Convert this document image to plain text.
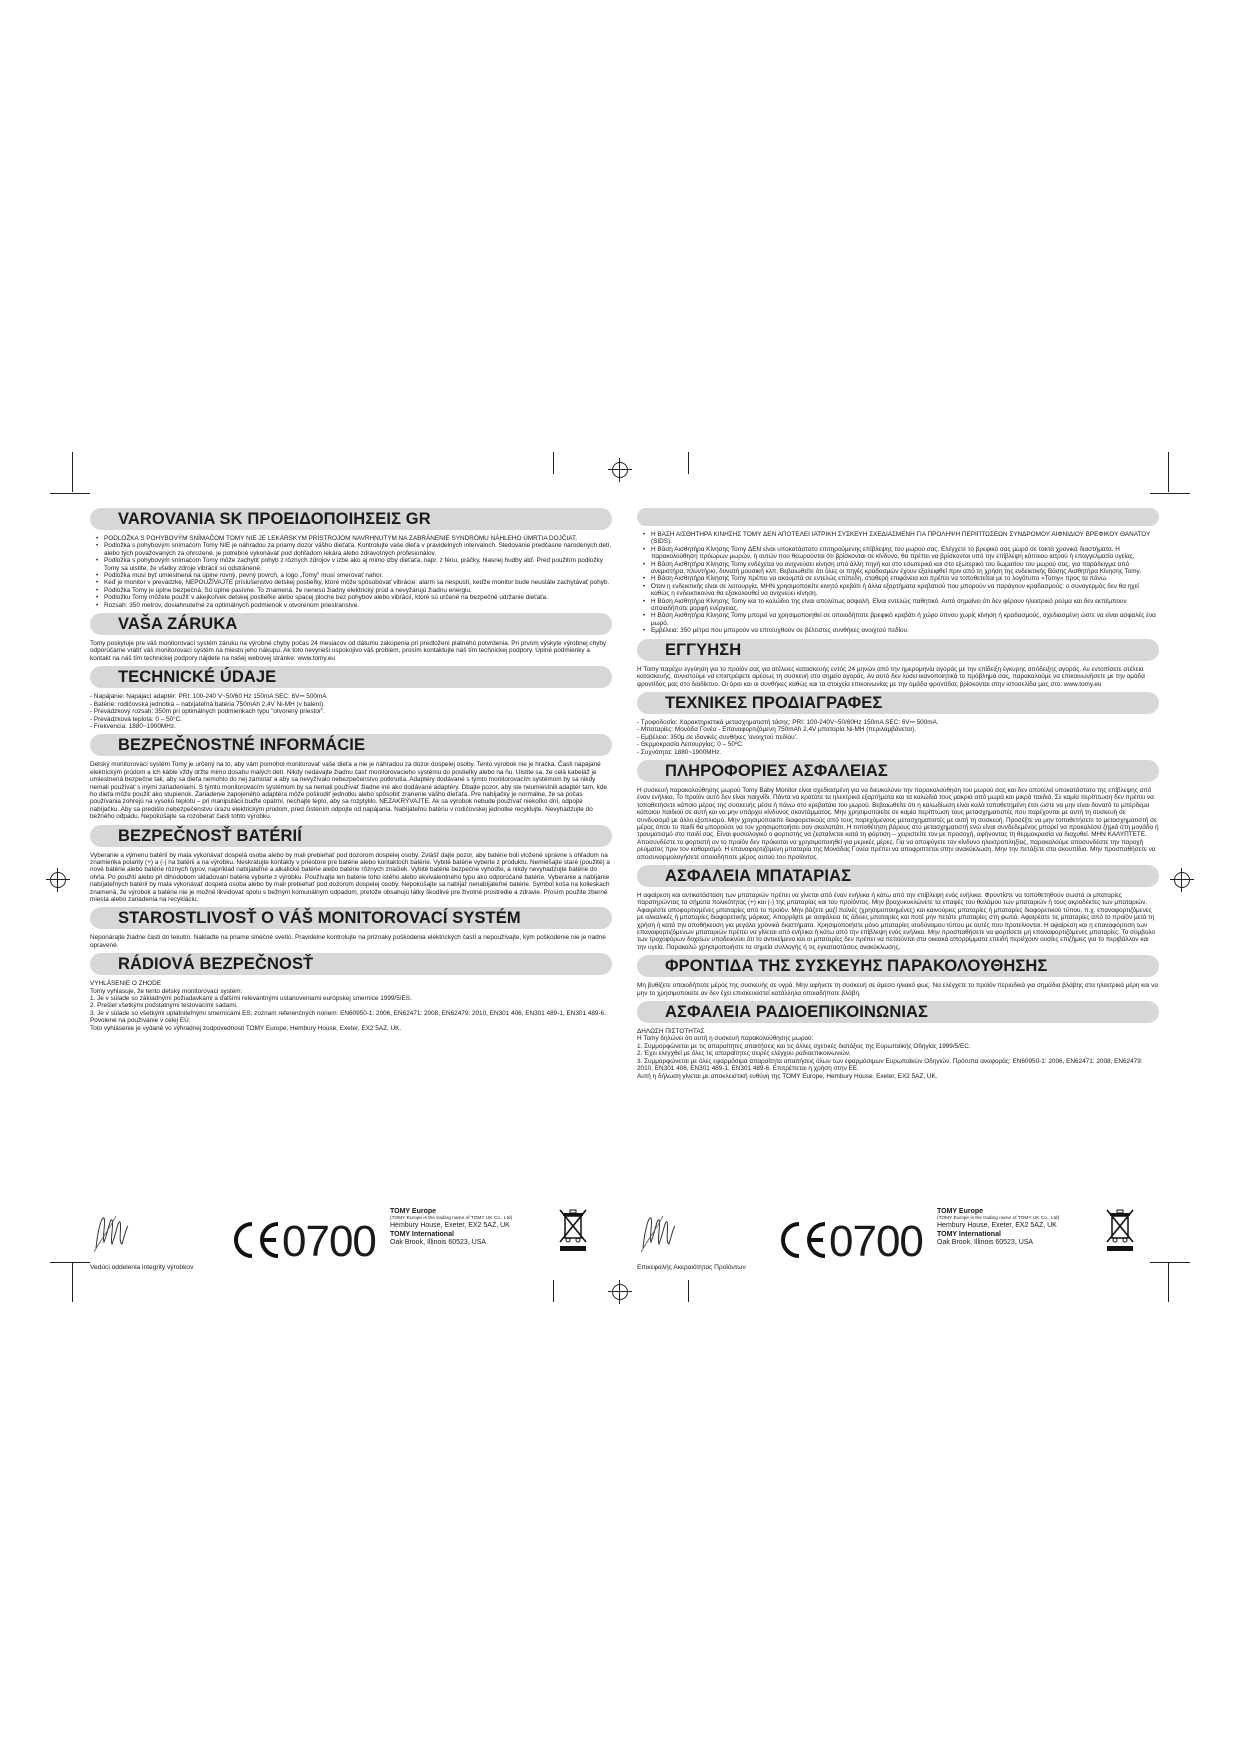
VAROVANIA SK ΠΡΟΕΙΔΟΠΟΙΗΣΕΙΣ GR
• PODLOŽKA S POHYBOVÝM SNÍMAČOM TOMY NIE JE LEKÁRSKYM PRÍSTROJOM NAVRHNUTÝM NA ZABRÁNENIE SYNDRÓMU NÁHLEHO ÚMRTIA DOJČIAT.
• Podložka s pohybovým snímačom Tomy NIE je náhradou za priamy dozor vášho dieťaťa. Kontrolujte vaše dieťa v pravidelných intervaloch. Sledovanie predčasne narodených detí, alebo tých považovaných za ohrozené, je potrebné vykonávať pod dohľadom lekára alebo zdravotných profesionálov.
• Podložka s pohybovým snímačom Tomy môže zachytiť pohyb z rôznych zdrojov v izbe ako aj mimo izby dieťaťa, napr. z fénu, práčky, hlasnej hudby atď. Pred použitím podložky Tomy sa uistite, že všetky zdroje vibrácií sú odstránené.
• Podložka musí byť umiestnená na úplne rovný, pevný povrch, a logo „Tomy" musí smerovať nahor.
• Keď je monitor v prevádzke, NEPOUŽÍVAJTE príslušenstvo detskej postieľky, ktoré môže spôsobovať vibrácie: alarm sa nespustí, keďže monitor bude neustále zachytávať pohyb.
• Podložka Tomy je úplne bezpečná. Sú úplne pasívne. To znamená, že nenesú žiadny elektrický prúd a nevyžarujú žiadnu energiu.
• Podložku Tomy môžete použiť v akejkoľvek detskej postieľke alebo spacej ploche bez pohybov alebo vibrácií, ktoré sú určené na bezpečné udržanie dieťaťa.
• Rozsah: 350 metrov, dosiahnuteľné za optimálnych podmienok v otvorenom priestranstve.
VAŠA ZÁRUKA

Tomy poskytuje pre váš monitorovací systém záruku na výrobné chyby počas 24 mesiacov od dátumu zakúpenia pri predložení platného potvrdenia. Pri prvom výskyte výrobnej chyby odporúčame vrátiť váš monitorovací systém na miesto jeho nákupu. Ak toto nevyrieši uspokojivo váš problém, prosím kontaktujte náš tím technickej podpory. Úplné podmienky a kontakt na náš tím technickej podpory nájdete na našej webovej stránke: www.tomy.eu

TECHNICKÉ ÚDAJE
- Napájanie: Napájací adaptér: PRI: 100-240 V~50/60 Hz 150mA SEC: 6V⎓ 500mA
- Batérie: rodičovská jednotka – nabíjateľná batéria 750mAh 2,4V Ni-MH (v balení).
- Prevádzkový rozsah: 350m pri optimálnych podmienkach typu "otvorený priestor".
- Prevádzková teplota: 0 – 50°C.
- Frekvencia: 1880~1900MHz.
BEZPEČNOSTNÉ INFORMÁCIE

Detský monitorovací systém Tomy je určený na to, aby vám pomohol monitorovať vaše dieťa a nie je náhradou za dozor dospelej osoby. Tento výrobok nie je hračka. Časti napájané elektrickým prúdom a ich káble vždy držte mimo dosahu malých detí. Nikdy nedávajte žiadnu časť monitorovacieho systému do postieľky alebo na ňu. Uistite sa, že celá kabeláž je umiestnená bezpečne tak, aby sa dieťa nemohlo do nej zamotať a aby sa nevyžívalo nebezpečenstvo potknutia. Adaptéry dodávané s týmto monitorovacím systémom by sa nikdy nemali používať s inými zariadeniami. S týmto monitorovacím systémom by sa nemali používať žiadne iné ako dodávané adaptéry. Dbajte pozor, aby ste neumiestnili adaptér tam, kde ho dieťa môže použiť ako stupienok. Zariadenie zapojeného adaptéra môže poškodiť jednotku alebo spôsobiť zranenie vášho dieťaťa. Pre nabíjačky je normálne, že sa počas používania zohrejú na vysokú teplotu – pri manipulácii buďte opatrní, nechajte teplo, aby sa rozptýlilo. NEZAKRÝVAJTE. Ak sa výrobok nebude používať niekoľko dní, odpojte nabíjačku. Aby sa predišlo nebezpečenstvu úrazu elektrickým prúdom, pred čistením odpojte od napájania. Nabíjateľnú batériu v rodičovskej jednotke recyklujte. Nevyhadzujte do bežného odpadu. Nepokúšajte sa rozoberať časti tohto výrobku.

BEZPEČNOSŤ BATÉRIÍ

Vyberanie a výmenu batérií by mala vykonávať dospelá osoba alebo by mali prebiehať pod dozorom dospelej osoby. Zvlášť dajte pozor, aby batérie boli vložené správne s ohľadom na znamienka polarity (+) a (-) na batérii a na výrobku. Neskratujte kontakty v priestore pre batérie alebo kontaktoch batérie. Vybité batérie vyberte z produktu. Nemiešajte staré (použité) a nové batérie alebo batérie rôznych typov, napríklad nabíjateľné a alkalické batérie alebo batérie rôznych značiek. Vybité batérie bezpečne vyhoďte, a nikdy nevyhadzujte batérie do ohňa. Po použití alebo pri dlhodobom skladovaní batérie vyberte z výrobku. Používajte len batérie toho istého alebo ekvivalentného typu ako odporúčané batérie. Vyberanie a nabíjanie nabíjateľných batérií by mala vykonávať dospelá osoba alebo by mali prebiehať pod dozorom dospelej osoby. Nepokúšajte sa nabíjať nenabíjateľné batérie. Symbol koša na kolieskach znamená, že výrobok a batérie nie je možné likvidovať spolu s bežným komunálnym odpadom, pretože obsahujú látky škodlivé pre životné prostredie a zdravie. Prosím použite zberné miesta alebo zariadenia na recykláciu.

STAROSTLIVOSŤ O VÁŠ MONITOROVACÍ SYSTÉM

Neponárajte žiadne časti do tekutín. Nakladte na priame slnečné svetlo. Pravidelne kontrolujte na príznaky poškodenia elektrických častí a nepoužívajte, kým poškodenie nie je riadne opravené.

RÁDIOVÁ BEZPEČNOSŤ
VYHLÁSENIE O ZHODE
Tomy vyhlasuje, že tento detský monitorovací systém:
1. Je v súlade so základnými požiadavkami a ďalšími relevantnými ustanoveniami európskej smernice 1999/5/ES.
2. Prešiel všetkými podstatnými testovacími sadami.
3. Je v súlade so všetkými uplatniteľnými smernicami ES; zoznam referenčných noriem: EN60950-1: 2006, EN62471: 2008, EN62479: 2010, EN301 406, EN301 489-1, EN301 489-6. Povolené na používanie v celej EÚ.
Toto vyhlásenie je vydané vo výhradnej zodpovednosti TOMY Europe, Hembury House, Exeter, EX2 5AZ, UK.
Vedúci oddelenia integrity výrobkov
0700
TOMY Europe
(TOMY Europe is the trading name of TOMY UK Co., Ltd)
Hembury House, Exeter, EX2 5AZ, UK
TOMY International
Oak Brook, Illinois 60523, USA
• Η ΒΑΣΗ ΑΙΣΘΗΤΗΡΑ ΚΙΝΗΣΗΣ TOMY ΔΕΝ ΑΠΟΤΕΛΕΙ ΙΑΤΡΙΚΗ ΣΥΣΚΕΥΗ ΣΧΕΔΙΑΣΜΕΝΗ ΓΙΑ ΠΡΟΛΗΨΗ ΠΕΡΙΠΤΩΣΕΩΝ ΣΥΝΔΡΟΜΟΥ ΑΙΦΝΙΔΙΟΥ ΒΡΕΦΙΚΟΥ ΘΑΝΑΤΟΥ (SIDS).
• Η Βάση Αισθητήρα Κίνησης Tomy ΔΕΝ είναι υποκατάστατο επιτηρούμενης επίβλεψης του μωρού σας. Ελέγχετε το βρεφικό σας μωρό σε τακτά χρονικά διαστήματα. Η παρακολούθηση πρόωρων μωρών, ή αυτών που θεωρούνται ότι βρίσκονται σε κίνδυνο, θα πρέπει να βρίσκονται υπό την επίβλεψη κάποιου ιατρού ή επαγγελματία υγείας.
• Η Βάση Αισθητήρα Κίνησης Tomy ενδέχεται να ανιχνεύσει κίνηση από άλλη πηγή και στο εσωτερικό και στο εξωτερικό του δωματίου του μωρού σας, για παράδειγμα από ανεμιστήρα, πλυντήριο, δυνατή μουσική κλπ. Βεβαιωθείτε ότι όλες οι πηγές κραδασμών έχουν εξαλειφθεί πριν από τη χρήση της ενδεικτικής Βάσης Αισθητήρα Κίνησης Tomy.
• Η Βάση Αισθητήρα Κίνησης Tomy πρέπει να ακουμπά σε εντελώς επίπεδη, σταθερή επιφάνεια και πρέπει να τοποθετείται με το λογότυπο «Tomy» προς τα πάνω.
• Όταν η ενδεικτικής είναι σε λειτουργία, ΜΗΝ χρησιμοποιείτε κινητό κρεβάτι ή άλλα εξαρτήματα κρεβατιού που μπορούν να παράγουν κραδασμούς: ο συναγερμός δεν θα ηχεί καθώς η ενδεικτικούνα θα εξακολουθεί να ανιχνεύει κίνηση.
• Η Βάση Αισθητήρα Κίνησης Tomy και το καλώδιο της είναι απολύτως ασφαλή. Είναι εντελώς παθητικό. Αυτό σημαίνει ότι δεν φέρουν ηλεκτρικό ρεύμα και δεν εκπέμπουν οποιαδήποτε μορφή ενέργειας.
• Η Βάση Αισθητήρα Κίνησης Tomy μπορεί να χρησιμοποιηθεί σε οποιοδήποτε βρεφικό κρεβάτι ή χώρο ύπνου χωρίς κίνηση ή κραδασμούς, σχεδιασμένη ώστε να είναι ασφαλές ένα μωρό.
• Εμβέλεια: 350 μέτρα που μπορούν να επιτευχθούν σε βέλτιστες συνθήκες ανοιχτού πεδίου.
ΕΓΓΥΗΣΗ

Η Tomy παρέχει εγγύηση για το προϊόν σας για ατέλειες κατασκευής εντός 24 μηνών από την ημερομηνία αγοράς με την επίδειξη έγκυρης απόδειξης αγοράς. Αν εντοπίσετε ατέλεια κατασκευής, συνιστούμε να επιστρέψετε αμέσως τη συσκευή στο σημείο αγοράς. Αν αυτό δεν λύσει ικανοποιητικά το πρόβλημά σας, παρακαλούμε να επικοινωνήσετε με την ομάδα φροντίδας μας στο διαδίκτυο. Οι όροι και οι συνθήκες καθώς και τα στοιχεία επικοινωνίας με την ομάδα φροντίδας βρίσκονται στην ιστοσελίδα μας στο: www.tomy.eu

ΤΕΧΝΙΚΕΣ ΠΡΟΔΙΑΓΡΑΦΕΣ
- Τροφοδοσία: Χαρακτηριστικά μετασχηματιστή τάσης: PRI: 100-240V~50/60Hz 150mA SEC: 6V⎓ 500mA.
- Μπαταρίες: Μονάδα Γονέα - Επαναφορτιζόμενη 750mAh 2,4V μπαταρία Ni-MH (περιλαμβάνεται).
- Εμβέλεια: 350μ σε ιδανικές συνθήκες 'ανοιχτού πεδίου'.
- Θερμοκρασία Λειτουργίας: 0 – 50ºC.
- Συχνότητα: 1880~1900MHz.
ΠΛΗΡΟΦΟΡΙΕΣ ΑΣΦΑΛΕΙΑΣ

Η συσκευή παρακολούθησης μωρού Tomy Baby Monitor είναι σχεδιασμένη για να διευκολύνει την παρακολούθηση του μωρού σας και δεν αποτελεί υποκατάστατο της επίβλεψης από έναν ενήλικα. Το προϊόν αυτό δεν είναι παιχνίδι. Πάντα να κρατάτε τα ηλεκτρικά εξαρτήματα και τα καλώδιά τους μακριά από μωρά και μικρά παιδιά. Σε καμία περίπτωση δεν πρέπει να τοποθετήσετε κάποιο μέρος της συσκευής μέσα ή πάνω στο κρεβατάκι του μωρού. Βεβαιωθείτε ότι η καλωδίωση είναι καλά τοποθετημένη έτσι ώστε να μην είναι δυνατό το μπέρδεμα κάποιου παιδιού σε αυτή και να μην υπάρχει κίνδυνος σκοντάμματος. Μην χρησιμοποιείτε σε καμία περίπτωση τους μετασχηματιστές που παρέχονται με αυτή τη συσκευή σε συνδυασμό με άλλο εξοπλισμό. Μην χρησιμοποιείτε διαφορετικούς από τους παρεχόμενους μετασχηματιστές με αυτή τη συσκευή. Προσέξτε να μην τοποθετήσετε το μετασχηματιστή σε μέρος όπου το παιδί θα μπορούσε να τον χρησιμοποιήσει σαν σκαλοπάτι. Η τοποθέτηση βάρους στο μετασχηματιστή ενώ είναι συνδεδεμένος μπορεί να προκαλέσει ζημιά στη μονάδα ή τραυματισμό στο παιδί σας. Είναι φυσιολογικό ο φορτιστής να ζεσταίνεται κατά τη φόρτιση – χειριστείτε τον με προσοχή, αφήνοντας τη θερμοκρασία να διαχυθεί. ΜΗΝ ΚΑΛΥΠΤΕΤΕ. Αποσυνδέστε το φορτιστή αν το προϊόν δεν πρόκειται να χρησιμοποιηθεί για μερικές μέρες. Για να αποφύγετε τον κίνδυνο ηλεκτροπληξίας, παρακαλούμε αποσυνδέστε την παροχή ρεύματος πριν τον καθαρισμό. Η επαναφορτιζόμενη μπαταρία της Μονάδας Γονέα πρέπει να αποφριπτεται στην ανακύκλωση. Μην την πετάξετε στα σκουπίδια. Μην προσπαθήσετε να αποσυναρμολογήσετε οποιοδήποτε μέρος αυτού του προϊόντος.

ΑΣΦΑΛΕΙΑ ΜΠΑΤΑΡΙΑΣ

Η αφαίρεση και αντικατάσταση των μπαταριών πρέπει να γίνεται από έναν ενήλικα ή κάτω από την επίβλεψη ενός ενήλικα. Φροντίστε να τοποθετηθούν σωστά οι μπαταρίες παρατηρώντας τα σήματα πολικότητας (+) και (-) της μπαταρίας και του προϊόντος. Μην βραχυκυκλώνετε τα επαφές του θαλάμου των μπαταριών ή τους ακροδέκτες των μπαταριών. Αφαιρέστε αποφορτισμένες μπαταρίες από το προϊόν. Μην βάζετε μαζί παλιές (χρησιμοποιημένες) και καινούριες μπαταρίες ή μπαταρίες διαφορετικού τύπου, π.χ. επαναφορτιζόμενες με αλκαλικές ή μπαταρίες διαφορετικής μάρκας. Απορρίψτε με ασφάλεια τις άδειες μπαταρίες και ποτέ μην πετάτε μπαταρίες στη φωτιά. Αφαιρέστε τις μπαταρίες από το προϊόν μετά τη χρήση ή κατά την αποθήκευση για μεγάλα χρονικά διαστήματα. Χρησιμοποιήστε μόνο μπαταρίες ισοδύναμου τύπου με αυτές που προτείνονται. Η αφαίρεση και η επαναφόρτιση των επαναφορτιζόμενων μπαταριών πρέπει να γίνεται από ενήλικα ή κάτω από την επίβλεψη ενός ενήλικα. Μην προσπαθήσετε να φορτίσετε μη επαναφορτιζόμενες μπαταρίες. Το σύμβολο των τροχοφόρων δοχείων υποδεικνύει ότι το αντικείμενο και οι μπαταρίες δεν πρέπει να πετιούνται στα οικιακά απορρίμματα επειδή περιέχουν ουσίες επιζήμιες για το περιβάλλον και την υγεία. Παρακαλώ χρησιμοποιήστε τα σημεία συλλογής ή τις εγκαταστάσεις ανακύκλωσης.

ΦΡΟΝΤΙΔΑ ΤΗΣ ΣΥΣΚΕΥΗΣ ΠΑΡΑΚΟΛΟΥΘΗΣΗΣ

Μη βυθίζετε οποιοδήποτε μέρος της συσκευής σε υγρά. Μην αφήνετε τη συσκευή σε άμεσο ηλιακό φως. Να ελέγχετε το προϊόν περιοδικά για σημάδια βλάβης στα ηλεκτρικά μέρη και να μην το χρησιμοποιείτε αν δεν έχει επισκευαστεί κατάλληλα οποιαδήποτε βλάβη.

ΑΣΦΑΛΕΙΑ ΡΑΔΙΟΕΠΙΚΟΙΝΩΝΙΑΣ
ΔΗΛΩΣΗ ΠΙΣΤΟΤΗΤΑΣ
Η Tomy δηλώνει ότι αυτή η συσκευή παρακολούθησης μωρού:
1. Συμμορφώνεται με τις απαραίτητες απαιτήσεις και τις άλλες σχετικές διατάξεις της Ευρωπαϊκής Οδηγίας 1999/5/ΕC.
2. Έχει ελεγχθεί με όλες τις απαραίτητες σειρές ελέγχου ραδιοεπικοινωνιών.
3. Συμμορφώνεται με όλες εφαρμόσιμα απαραίτητα απαιτήσεις όλων των εφαρμόσιμων Ευρωπαϊκών Οδηγιών. Πρότυπα αναφοράς: EN60950-1: 2006, EN62471: 2008, EN62479: 2010, EN301 406, EN301 489-1, EN301 489-6. Επιτρέπεται η χρήση στην ΕΕ.
Αυτή η δήλωση γίνεται με αποκλειστική ευθύνη της TOMY Europe, Hembury House, Exeter, EX2 5AZ, UK.
Επικεφαλής Ακεραιότητας Προϊόντων
0700
TOMY Europe
(TOMY Europe is the trading name of TOMY UK Co., Ltd)
Hembury House, Exeter, EX2 5AZ, UK
TOMY International
Oak Brook, Illinois 60523, USA
